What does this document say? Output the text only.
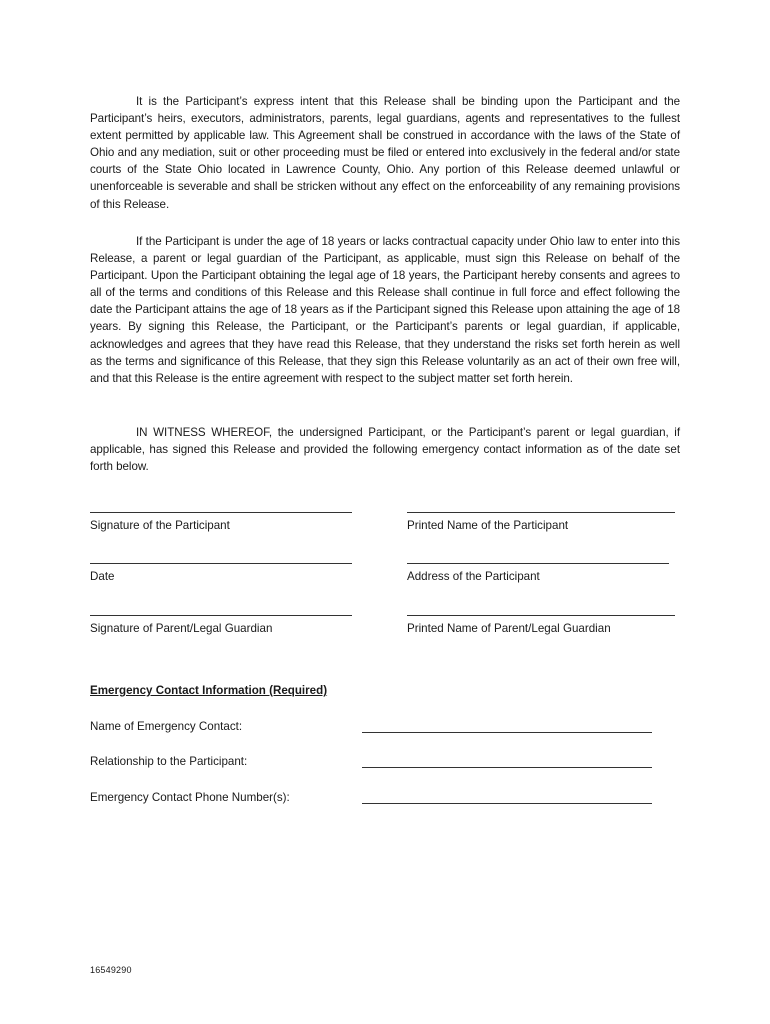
It is the Participant’s express intent that this Release shall be binding upon the Participant and the Participant’s heirs, executors, administrators, parents, legal guardians, agents and representatives to the fullest extent permitted by applicable law. This Agreement shall be construed in accordance with the laws of the State of Ohio and any mediation, suit or other proceeding must be filed or entered into exclusively in the federal and/or state courts of the State Ohio located in Lawrence County, Ohio. Any portion of this Release deemed unlawful or unenforceable is severable and shall be stricken without any effect on the enforceability of any remaining provisions of this Release.

If the Participant is under the age of 18 years or lacks contractual capacity under Ohio law to enter into this Release, a parent or legal guardian of the Participant, as applicable, must sign this Release on behalf of the Participant. Upon the Participant obtaining the legal age of 18 years, the Participant hereby consents and agrees to all of the terms and conditions of this Release and this Release shall continue in full force and effect following the date the Participant attains the age of 18 years as if the Participant signed this Release upon attaining the age of 18 years. By signing this Release, the Participant, or the Participant’s parents or legal guardian, if applicable, acknowledges and agrees that they have read this Release, that they understand the risks set forth herein as well as the terms and significance of this Release, that they sign this Release voluntarily as an act of their own free will, and that this Release is the entire agreement with respect to the subject matter set forth herein.

IN WITNESS WHEREOF, the undersigned Participant, or the Participant’s parent or legal guardian, if applicable, has signed this Release and provided the following emergency contact information as of the date set forth below.

Signature of the Participant	Printed Name of the Participant
Date	Address of the Participant
Signature of Parent/Legal Guardian	Printed Name of Parent/Legal Guardian
Emergency Contact Information (Required)
Name of Emergency Contact:
Relationship to the Participant:
Emergency Contact Phone Number(s):
16549290
